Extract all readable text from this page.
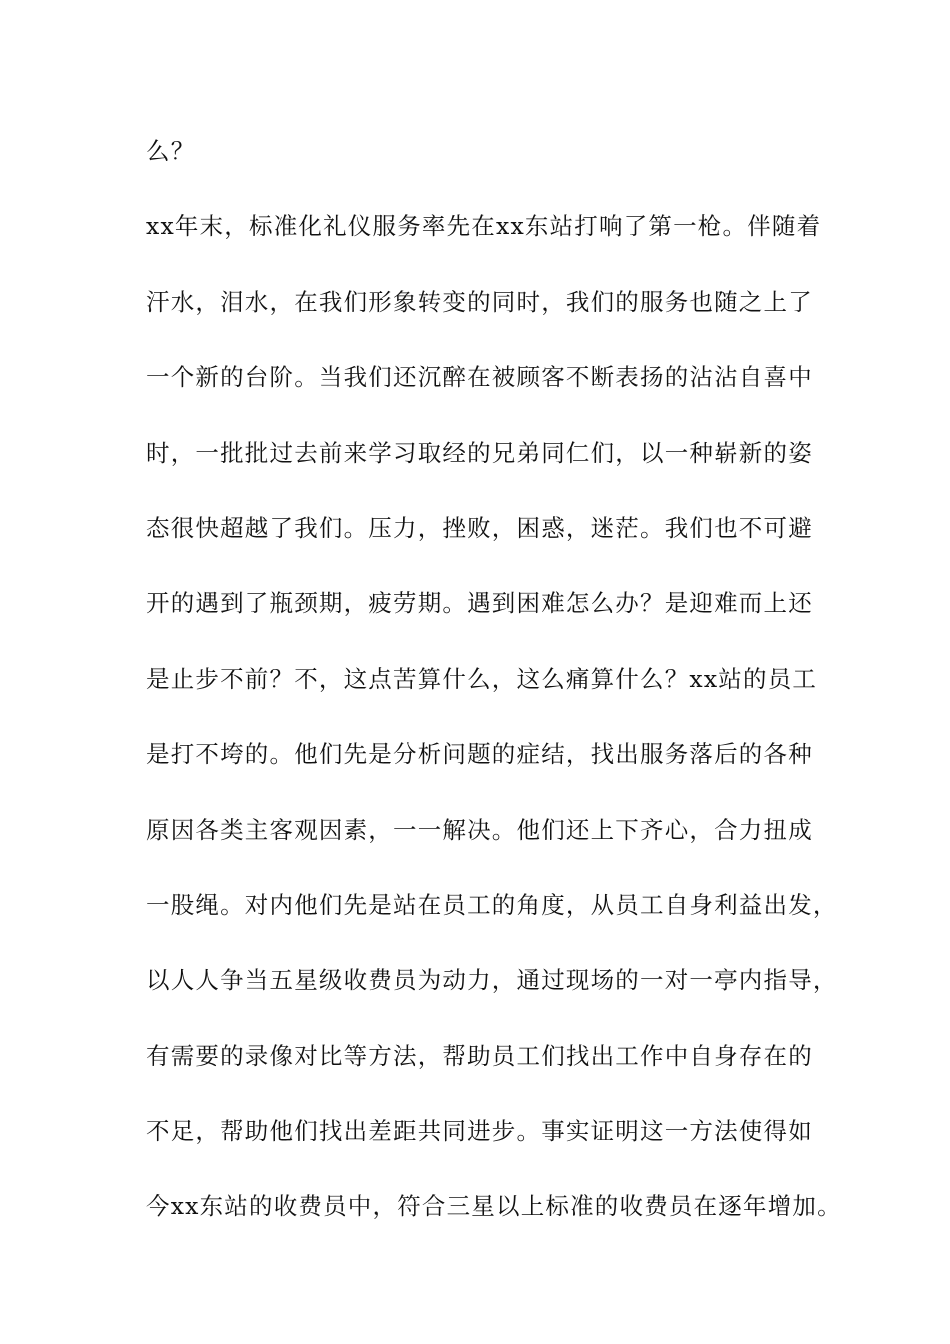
么？
xx年末，标准化礼仪服务率先在xx东站打响了第一枪。伴随着
汗水，泪水，在我们形象转变的同时，我们的服务也随之上了
一个新的台阶。当我们还沉醉在被顾客不断表扬的沾沾自喜中
时，一批批过去前来学习取经的兄弟同仁们，以一种崭新的姿
态很快超越了我们。压力，挫败，困惑，迷茫。我们也不可避
开的遇到了瓶颈期，疲劳期。遇到困难怎么办？是迎难而上还
是止步不前？不，这点苦算什么，这么痛算什么？xx站的员工
是打不垮的。他们先是分析问题的症结，找出服务落后的各种
原因各类主客观因素，一一解决。他们还上下齐心，合力扭成
一股绳。对内他们先是站在员工的角度，从员工自身利益出发，
以人人争当五星级收费员为动力，通过现场的一对一亭内指导，
有需要的录像对比等方法，帮助员工们找出工作中自身存在的
不足，帮助他们找出差距共同进步。事实证明这一方法使得如
今xx东站的收费员中，符合三星以上标准的收费员在逐年增加。
